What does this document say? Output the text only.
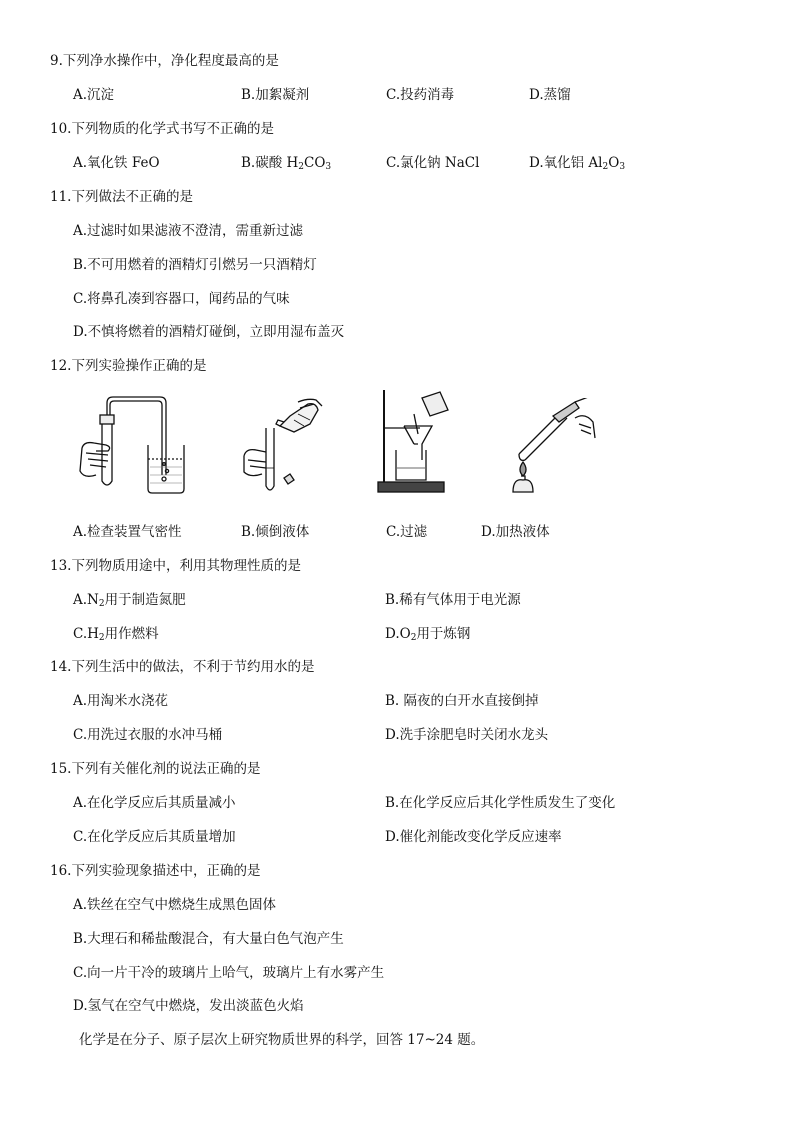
9.下列净水操作中，净化程度最高的是
A.沉淀	B.加絮凝剂	C.投药消毒	D.蒸馏
10.下列物质的化学式书写不正确的是
A.氧化铁 FeO	B.碳酸 $H_2CO_3$	C.氯化钠 NaCl	D.氧化铝 $Al_2O_3$
11.下列做法不正确的是
A.过滤时如果滤液不澄清，需重新过滤
B.不可用燃着的酒精灯引燃另一只酒精灯
C.将鼻孔凑到容器口，闻药品的气味
D.不慎将燃着的酒精灯碰倒，立即用湿布盖灭
12.下列实验操作正确的是
A.检查装置气密性	B.倾倒液体	C.过滤	D.加热液体
13.下列物质用途中，利用其物理性质的是
$A.N_2$用于制造氮肥	B.稀有气体用于电光源
$C.H_2$用作燃料	$D.O_2$用于炼钢
14.下列生活中的做法，不利于节约用水的是
A.用淘米水浇花	B. 隔夜的白开水直接倒掉
C.用洗过衣服的水冲马桶	D.洗手涂肥皂时关闭水龙头
15.下列有关催化剂的说法正确的是
A.在化学反应后其质量减小	B.在化学反应后其化学性质发生了变化
C.在化学反应后其质量增加	D.催化剂能改变化学反应速率
16.下列实验现象描述中，正确的是
A.铁丝在空气中燃烧生成黑色固体
B.大理石和稀盐酸混合，有大量白色气泡产生
C.向一片干冷的玻璃片上哈气，玻璃片上有水雾产生
D.氢气在空气中燃烧，发出淡蓝色火焰
化学是在分子、原子层次上研究物质世界的科学，回答 17~24 题。
